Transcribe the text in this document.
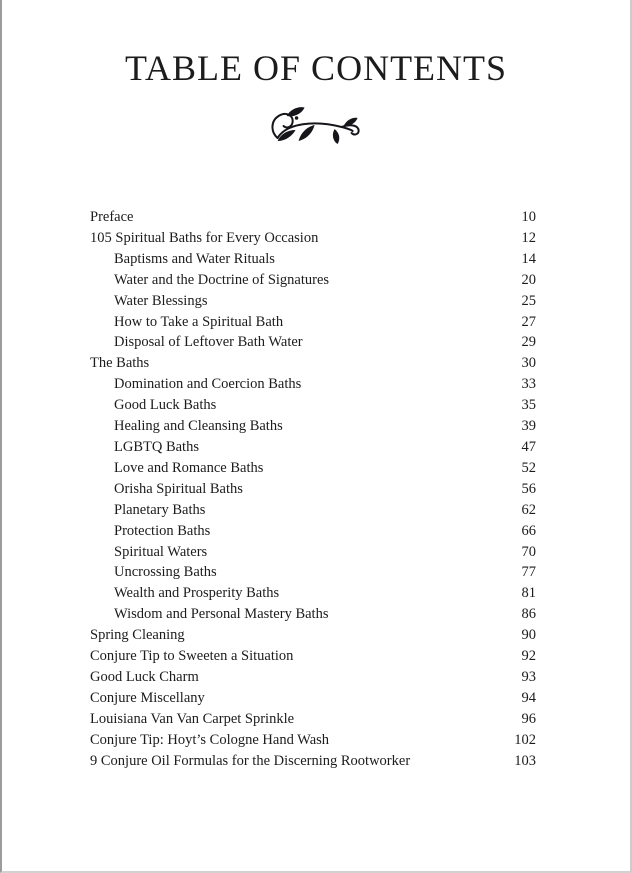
TABLE OF CONTENTS
Preface	10
105 Spiritual Baths for Every Occasion	12
Baptisms and Water Rituals	14
Water and the Doctrine of Signatures	20
Water Blessings	25
How to Take a Spiritual Bath	27
Disposal of Leftover Bath Water	29
The Baths	30
Domination and Coercion Baths	33
Good Luck Baths	35
Healing and Cleansing Baths	39
LGBTQ Baths	47
Love and Romance Baths	52
Orisha Spiritual Baths	56
Planetary Baths	62
Protection Baths	66
Spiritual Waters	70
Uncrossing Baths	77
Wealth and Prosperity Baths	81
Wisdom and Personal Mastery Baths	86
Spring Cleaning	90
Conjure Tip to Sweeten a Situation	92
Good Luck Charm	93
Conjure Miscellany	94
Louisiana Van Van Carpet Sprinkle	96
Conjure Tip: Hoyt’s Cologne Hand Wash	102
9 Conjure Oil Formulas for the Discerning Rootworker	103
